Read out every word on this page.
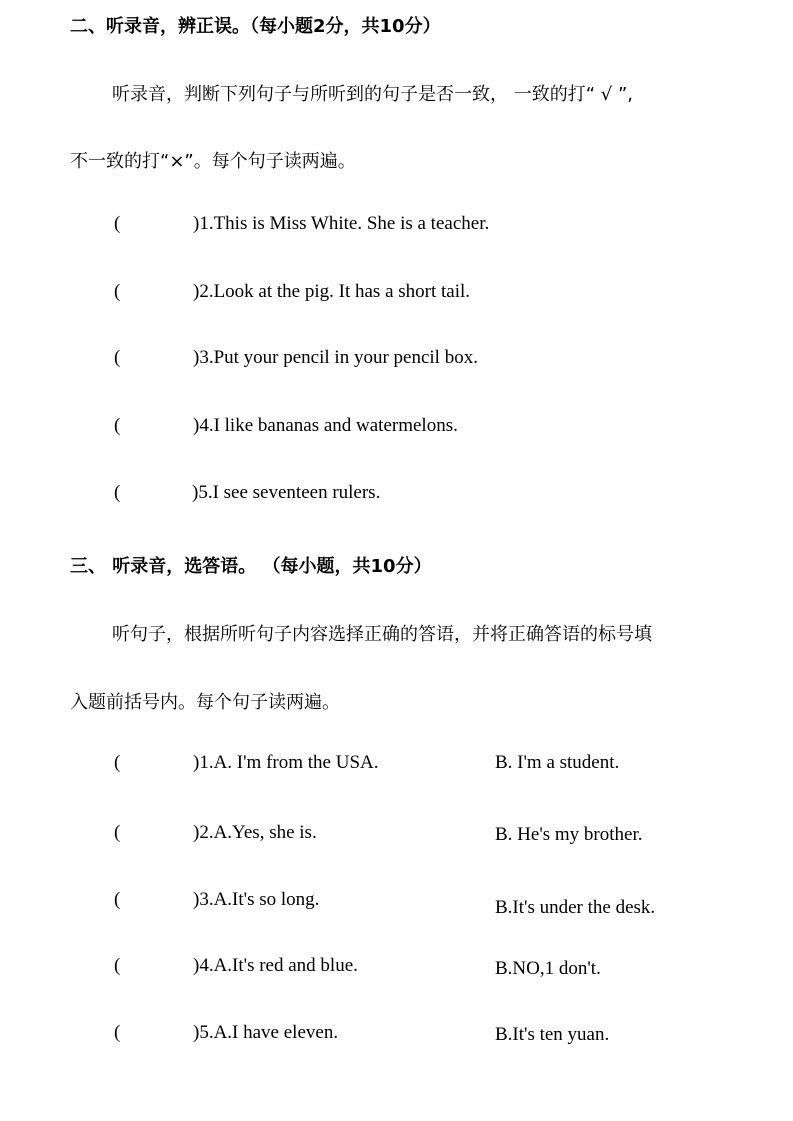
二、听录音，辨正误。（每小题2分，共10分）
听录音，判断下列句子与所听到的句子是否一致， 一致的打“ √ ”,
不一致的打“×”。每个句子读两遍。
(	)1.This is Miss White. She is a teacher.
(	)2.Look at the pig. It has a short tail.
(	)3.Put your pencil in your pencil box.
(	)4.I like bananas and watermelons.
(	)5.I see seventeen rulers.
三、 听录音，选答语。 （每小题，共10分）
听句子，根据所听句子内容选择正确的答语，并将正确答语的标号填
入题前括号内。每个句子读两遍。
(	)1.A. I'm from the USA.	B. I'm a student.
(	)2.A.Yes, she is.	B. He's my brother.
(	)3.A.It's so long.	B.It's under the desk.
(	)4.A.It's red and blue.	B.NO,1 don't.
(	)5.A.I have eleven.	B.It's ten yuan.
